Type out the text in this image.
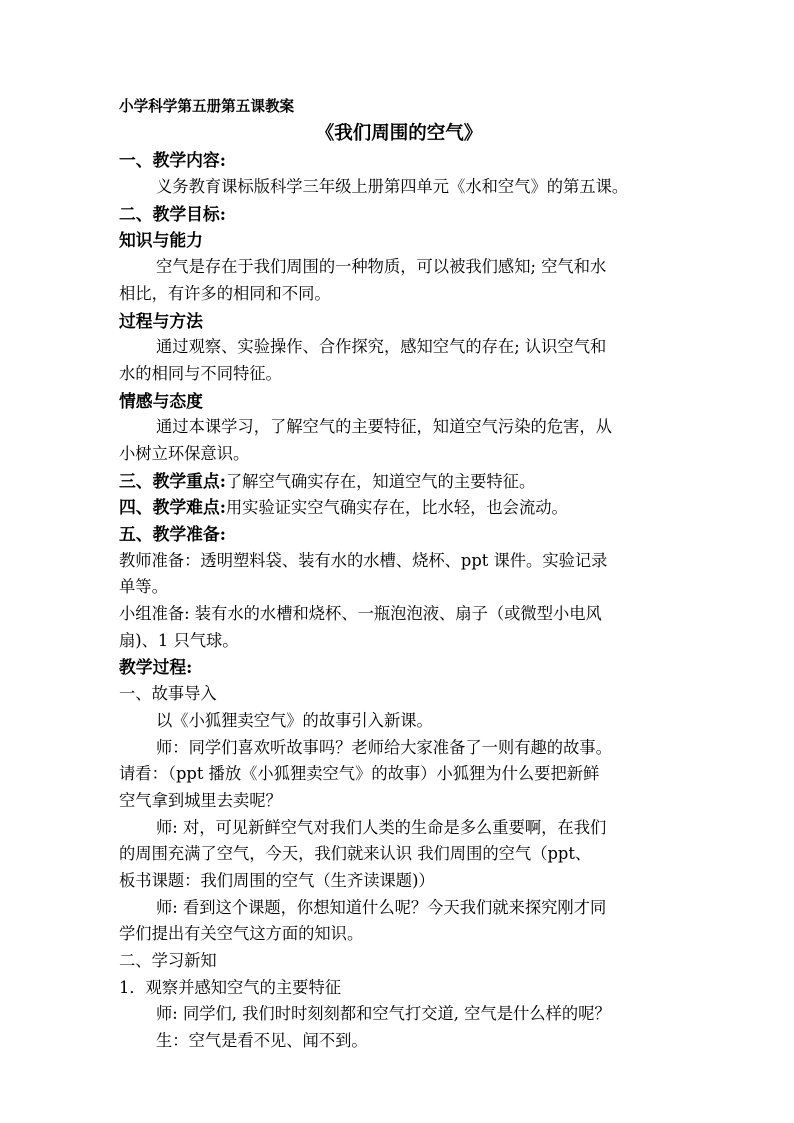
小学科学第五册第五课教案
《我们周围的空气》
一、教学内容:
义务教育课标版科学三年级上册第四单元《水和空气》的第五课。
二、教学目标:
知识与能力
空气是存在于我们周围的一种物质，可以被我们感知; 空气和水
相比，有许多的相同和不同。
过程与方法
通过观察、实验操作、合作探究，感知空气的存在; 认识空气和
水的相同与不同特征。
情感与态度
通过本课学习，了解空气的主要特征，知道空气污染的危害，从
小树立环保意识。
三、教学重点:了解空气确实存在，知道空气的主要特征。
四、教学难点:用实验证实空气确实存在，比水轻，也会流动。
五、教学准备:
教师准备：透明塑料袋、装有水的水槽、烧杯、ppt 课件。实验记录
单等。
小组准备: 装有水的水槽和烧杯、一瓶泡泡液、扇子（或微型小电风
扇)、1 只气球。
教学过程:
一、故事导入
以《小狐狸卖空气》的故事引入新课。
师：同学们喜欢听故事吗？老师给大家准备了一则有趣的故事。
请看：（ppt 播放《小狐狸卖空气》的故事）小狐狸为什么要把新鲜
空气拿到城里去卖呢？
师: 对，可见新鲜空气对我们人类的生命是多么重要啊，在我们
的周围充满了空气，今天，我们就来认识 我们周围的空气（ppt、
板书课题：我们周围的空气（生齐读课题)）
师: 看到这个课题，你想知道什么呢？今天我们就来探究刚才同
学们提出有关空气这方面的知识。
二、学习新知
1．观察并感知空气的主要特征
师: 同学们, 我们时时刻刻都和空气打交道, 空气是什么样的呢？
生：空气是看不见、闻不到。
